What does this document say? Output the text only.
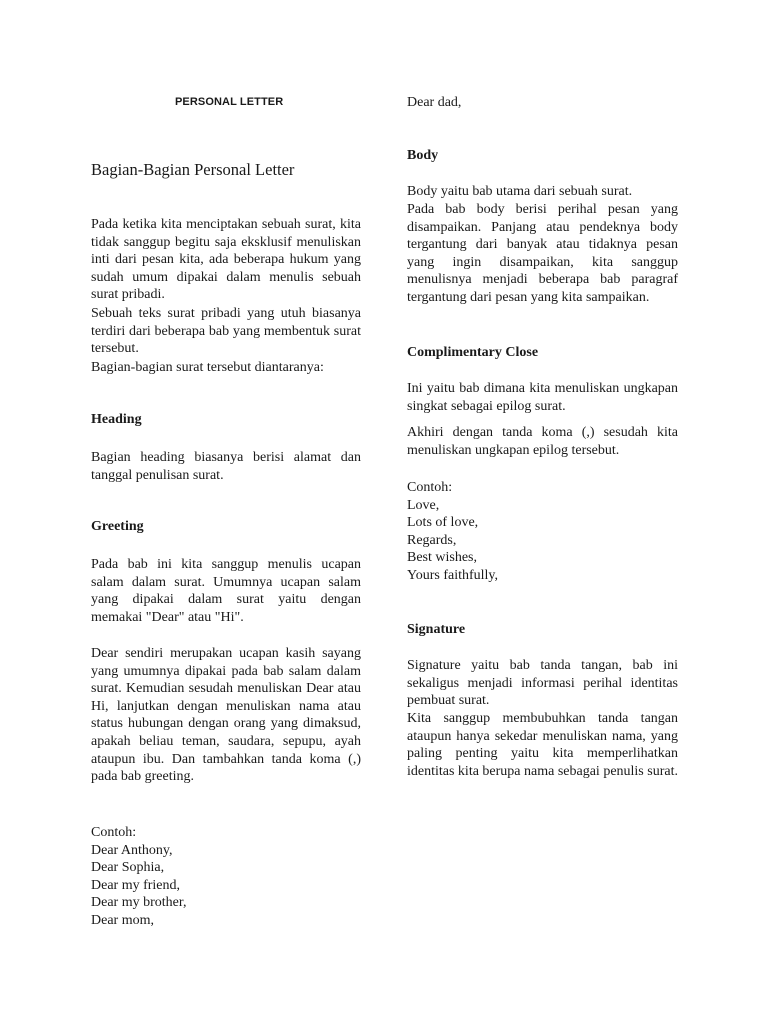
PERSONAL LETTER

Bagian-Bagian Personal Letter

Pada ketika kita menciptakan sebuah surat, kita tidak sanggup begitu saja eksklusif menuliskan inti dari pesan kita, ada beberapa hukum yang sudah umum dipakai dalam menulis sebuah surat pribadi.

Sebuah teks surat pribadi yang utuh biasanya terdiri dari beberapa bab yang membentuk surat tersebut.

Bagian-bagian surat tersebut diantaranya:

Heading

Bagian heading biasanya berisi alamat dan tanggal penulisan surat.

Greeting

Pada bab ini kita sanggup menulis ucapan salam dalam surat. Umumnya ucapan salam yang dipakai dalam surat yaitu dengan memakai "Dear" atau "Hi".

Dear sendiri merupakan ucapan kasih sayang yang umumnya dipakai pada bab salam dalam surat. Kemudian sesudah menuliskan Dear atau Hi, lanjutkan dengan menuliskan nama atau status hubungan dengan orang yang dimaksud, apakah beliau teman, saudara, sepupu, ayah ataupun ibu. Dan tambahkan tanda koma (,) pada bab greeting.

Contoh:
Dear Anthony,
Dear Sophia,
Dear my friend,
Dear my brother,
Dear mom,

Dear dad,

Body

Body yaitu bab utama dari sebuah surat.

Pada bab body berisi perihal pesan yang disampaikan. Panjang atau pendeknya body tergantung dari banyak atau tidaknya pesan yang ingin disampaikan, kita sanggup menulisnya menjadi beberapa bab paragraf tergantung dari pesan yang kita sampaikan.

Complimentary Close

Ini yaitu bab dimana kita menuliskan ungkapan singkat sebagai epilog surat.

Akhiri dengan tanda koma (,) sesudah kita menuliskan ungkapan epilog tersebut.

Contoh:
Love,
Lots of love,
Regards,
Best wishes,
Yours faithfully,

Signature

Signature yaitu bab tanda tangan, bab ini sekaligus menjadi informasi perihal identitas pembuat surat.

Kita sanggup membubuhkan tanda tangan ataupun hanya sekedar menuliskan nama, yang paling penting yaitu kita memperlihatkan identitas kita berupa nama sebagai penulis surat.
